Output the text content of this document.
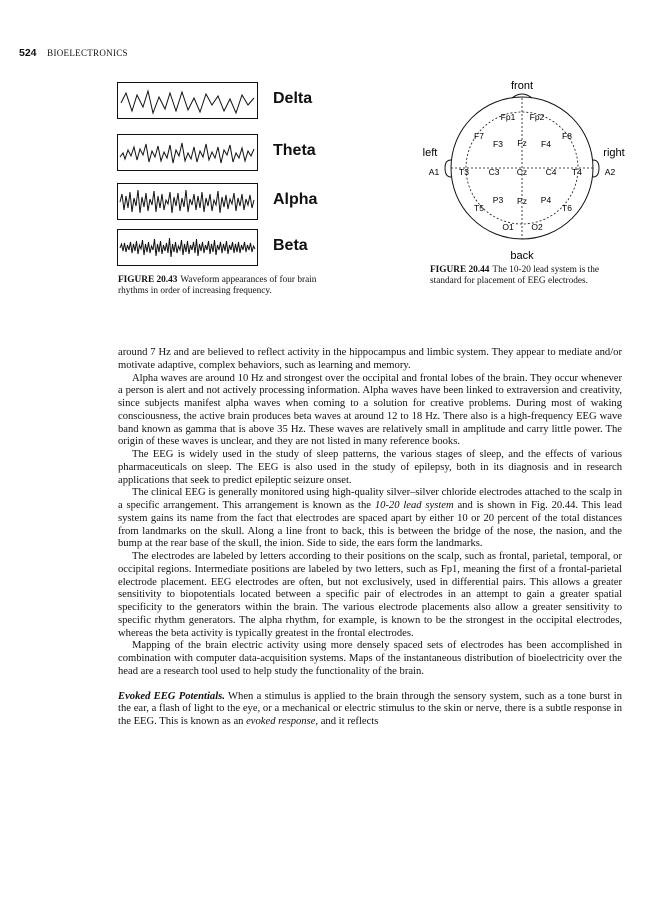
524 BIOELECTRONICS
Delta
Theta
Alpha
Beta
FIGURE 20.43 Waveform appearances of four brain rhythms in order of increasing frequency.
front
back
left	right
Fp1 Fp2
F7
F3 Fz F4
F8
A1 T3 C3 Cz C4 T4	A2
T5
P3 Pz P4
T6
O1 O2
FIGURE 20.44 The 10-20 lead system is the standard for placement of EEG electrodes.

around 7 Hz and are believed to reflect activity in the hippocampus and limbic system. They appear to mediate and/or motivate adaptive, complex behaviors, such as learning and memory.

Alpha waves are around 10 Hz and strongest over the occipital and frontal lobes of the brain. They occur whenever a person is alert and not actively processing information. Alpha waves have been linked to extraversion and creativity, since subjects manifest alpha waves when coming to a solution for creative problems. During most of waking consciousness, the active brain produces beta waves at around 12 to 18 Hz. There also is a high-frequency EEG wave band known as gamma that is above 35 Hz. These waves are relatively small in amplitude and carry little power. The origin of these waves is unclear, and they are not listed in many reference books.

The EEG is widely used in the study of sleep patterns, the various stages of sleep, and the effects of various pharmaceuticals on sleep. The EEG is also used in the study of epilepsy, both in its diagnosis and in research applications that seek to predict epileptic seizure onset.

The clinical EEG is generally monitored using high-quality silver–silver chloride electrodes attached to the scalp in a specific arrangement. This arrangement is known as the 10-20 lead system and is shown in Fig. 20.44. This lead system gains its name from the fact that electrodes are spaced apart by either 10 or 20 percent of the total distances from landmarks on the skull. Along a line front to back, this is between the bridge of the nose, the nasion, and the bump at the rear base of the skull, the inion. Side to side, the ears form the landmarks.

The electrodes are labeled by letters according to their positions on the scalp, such as frontal, parietal, temporal, or occipital regions. Intermediate positions are labeled by two letters, such as Fp1, meaning the first of a frontal-parietal electrode placement. EEG electrodes are often, but not exclusively, used in differential pairs. This allows a greater sensitivity to biopotentials located between a specific pair of electrodes in an attempt to gain a greater spatial specificity to the generators within the brain. The various electrode placements also allow a greater sensitivity to specific rhythm generators. The alpha rhythm, for example, is known to be the strongest in the occipital electrodes, whereas the beta activity is typically greatest in the frontal electrodes.

Mapping of the brain electric activity using more densely spaced sets of electrodes has been accomplished in combination with computer data-acquisition systems. Maps of the instantaneous distribution of bioelectricity over the head are a research tool used to help study the functionality of the brain.

Evoked EEG Potentials. When a stimulus is applied to the brain through the sensory system, such as a tone burst in the ear, a flash of light to the eye, or a mechanical or electric stimulus to the skin or nerve, there is a subtle response in the EEG. This is known as an evoked response, and it reflects
